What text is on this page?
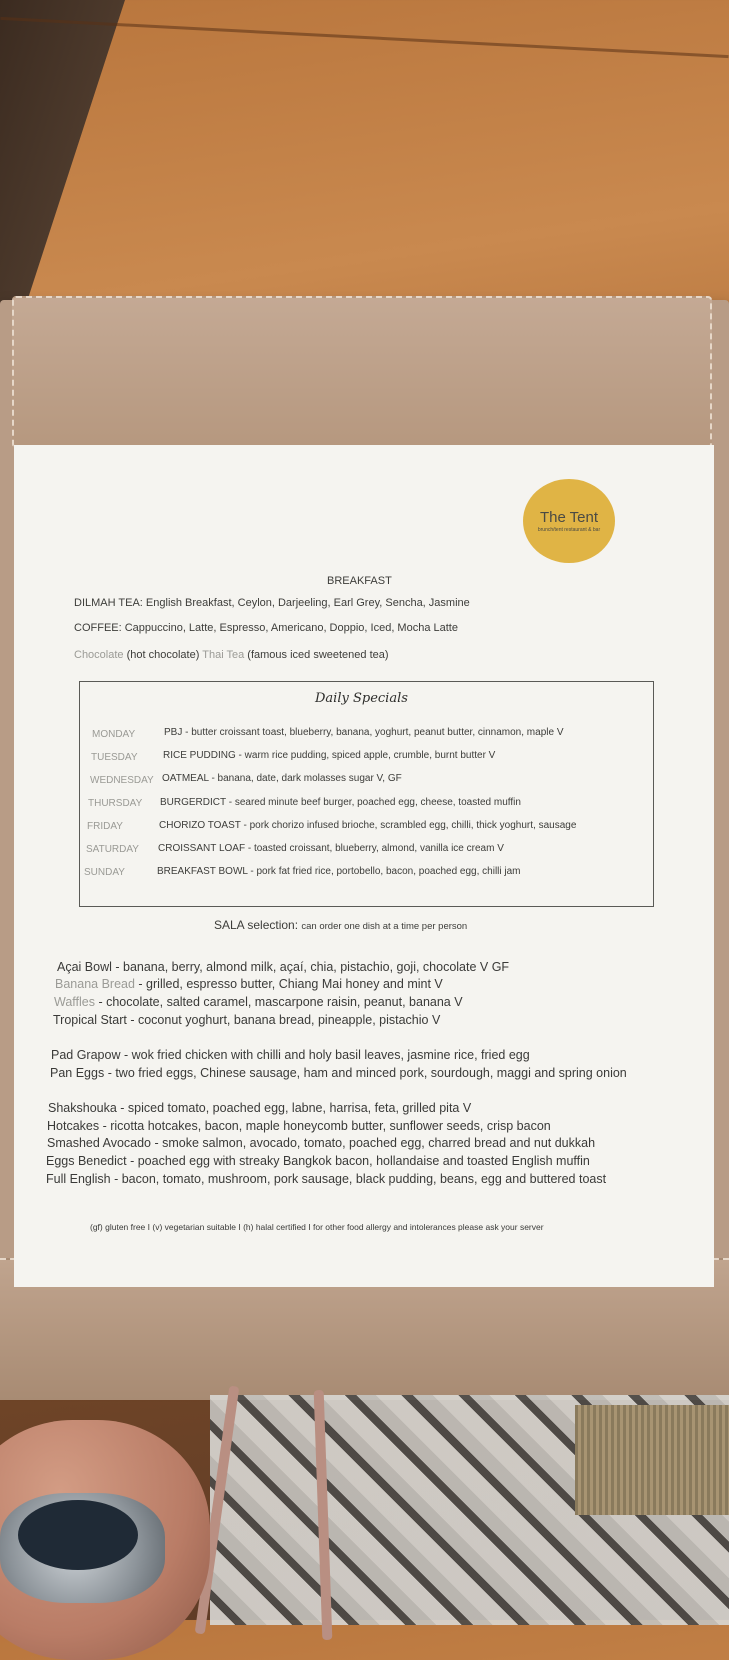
The Tent
brunch/tent restaurant & bar
BREAKFAST
DILMAH TEA: English Breakfast, Ceylon, Darjeeling, Earl Grey, Sencha, Jasmine
COFFEE: Cappuccino, Latte, Espresso, Americano, Doppio, Iced, Mocha Latte
Chocolate (hot chocolate) Thai Tea (famous iced sweetened tea)
Daily Specials
MONDAY	PBJ - butter croissant toast, blueberry, banana, yoghurt, peanut butter, cinnamon, maple V
TUESDAY	RICE PUDDING - warm rice pudding, spiced apple, crumble, burnt butter V
WEDNESDAY OATMEAL - banana, date, dark molasses sugar V, GF
THURSDAY BURGERDICT - seared minute beef burger, poached egg, cheese, toasted muffin
FRIDAY	CHORIZO TOAST - pork chorizo infused brioche, scrambled egg, chilli, thick yoghurt, sausage
SATURDAY CROISSANT LOAF - toasted croissant, blueberry, almond, vanilla ice cream V
SUNDAY	BREAKFAST BOWL - pork fat fried rice, portobello, bacon, poached egg, chilli jam
SALA selection: can order one dish at a time per person
Açai Bowl - banana, berry, almond milk, açaí, chia, pistachio, goji, chocolate V GF
Banana Bread - grilled, espresso butter, Chiang Mai honey and mint V
Waffles - chocolate, salted caramel, mascarpone raisin, peanut, banana V
Tropical Start - coconut yoghurt, banana bread, pineapple, pistachio V
Pad Grapow - wok fried chicken with chilli and holy basil leaves, jasmine rice, fried egg
Pan Eggs - two fried eggs, Chinese sausage, ham and minced pork, sourdough, maggi and spring onion
Shakshouka - spiced tomato, poached egg, labne, harrisa, feta, grilled pita V
Hotcakes - ricotta hotcakes, bacon, maple honeycomb butter, sunflower seeds, crisp bacon
Smashed Avocado - smoke salmon, avocado, tomato, poached egg, charred bread and nut dukkah
Eggs Benedict - poached egg with streaky Bangkok bacon, hollandaise and toasted English muffin
Full English - bacon, tomato, mushroom, pork sausage, black pudding, beans, egg and buttered toast
(gf) gluten free I (v) vegetarian suitable I (h) halal certified I for other food allergy and intolerances please ask your server
